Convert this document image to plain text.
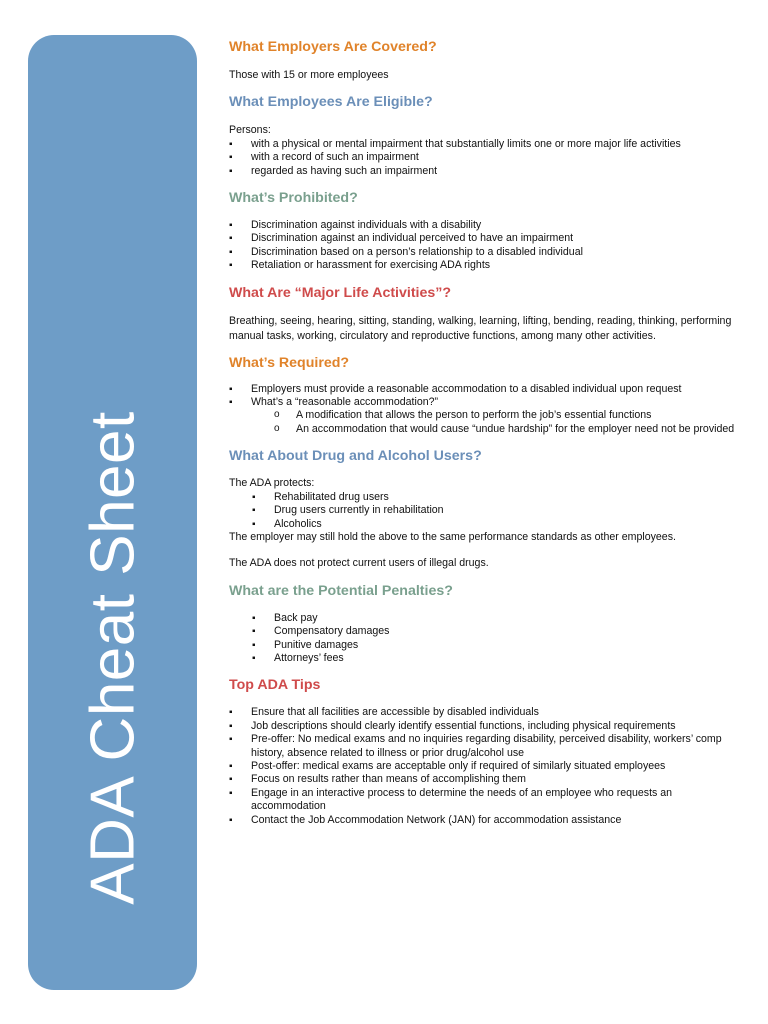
ADA Cheat Sheet
What Employers Are Covered?

Those with 15 or more employees

What Employees Are Eligible?

Persons:

▪ with a physical or mental impairment that substantially limits one or more major life activities
▪ with a record of such an impairment
▪ regarded as having such an impairment
What’s Prohibited?
▪ Discrimination against individuals with a disability
▪ Discrimination against an individual perceived to have an impairment
▪ Discrimination based on a person’s relationship to a disabled individual
▪ Retaliation or harassment for exercising ADA rights
What Are “Major Life Activities”?

Breathing, seeing, hearing, sitting, standing, walking, learning, lifting, bending, reading, thinking, performing manual tasks, working, circulatory and reproductive functions, among many other activities.

What’s Required?
▪ Employers must provide a reasonable accommodation to a disabled individual upon request
▪ What’s a “reasonable accommodation?”
o A modification that allows the person to perform the job’s essential functions
o An accommodation that would cause “undue hardship” for the employer need not be provided
What About Drug and Alcohol Users?

The ADA protects:

▪ Rehabilitated drug users
▪ Drug users currently in rehabilitation
▪ Alcoholics

The employer may still hold the above to the same performance standards as other employees.

The ADA does not protect current users of illegal drugs.

What are the Potential Penalties?
▪ Back pay
▪ Compensatory damages
▪ Punitive damages
▪ Attorneys’ fees
Top ADA Tips
▪ Ensure that all facilities are accessible by disabled individuals
▪ Job descriptions should clearly identify essential functions, including physical requirements
▪ Pre-offer: No medical exams and no inquiries regarding disability, perceived disability, workers’ comp history, absence related to illness or prior drug/alcohol use
▪ Post-offer: medical exams are acceptable only if required of similarly situated employees
▪ Focus on results rather than means of accomplishing them
▪ Engage in an interactive process to determine the needs of an employee who requests an accommodation
▪ Contact the Job Accommodation Network (JAN) for accommodation assistance
